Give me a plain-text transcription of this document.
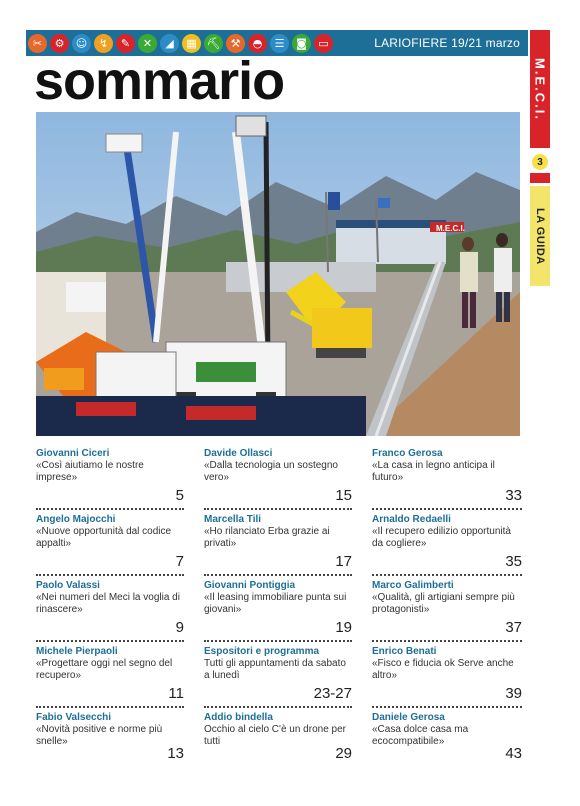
✂	⚙	☺	↯	✎	✕	◢	▦ ⛏ ⚒	◓	☰	◙	▭	LARIOFIERE 19/21 marzo
M.E.C.I.
3
LA GUIDA
sommario
M.E.C.I.
Giovanni Ciceri
«Così aiutiamo le nostre imprese»
5
Davide Ollasci
«Dalla tecnologia un sostegno vero»
15
Franco Gerosa
«La casa in legno anticipa il futuro»
33
Angelo Majocchi
«Nuove opportunità dal codice appalti»
7
Marcella Tili
«Ho rilanciato Erba grazie ai privati»
17
Arnaldo Redaelli
«Il recupero edilizio opportunità da cogliere»
35
Paolo Valassi
«Nei numeri del Meci la voglia di rinascere»
9
Giovanni Pontiggia
«Il leasing immobiliare punta sui giovani»
19
Marco Galimberti
«Qualità, gli artigiani sempre più protagonisti»
37
Michele Pierpaoli
«Progettare oggi nel segno del recupero»
11
Espositori e programma
Tutti gli appuntamenti da sabato a lunedì
23-27
Enrico Benati
«Fisco e fiducia ok Serve anche altro»
39
Fabio Valsecchi
«Novità positive e norme più snelle»
13
Addio bindella
Occhio al cielo C'è un drone per tutti
29
Daniele Gerosa
«Casa dolce casa ma ecocompatibile»
43
